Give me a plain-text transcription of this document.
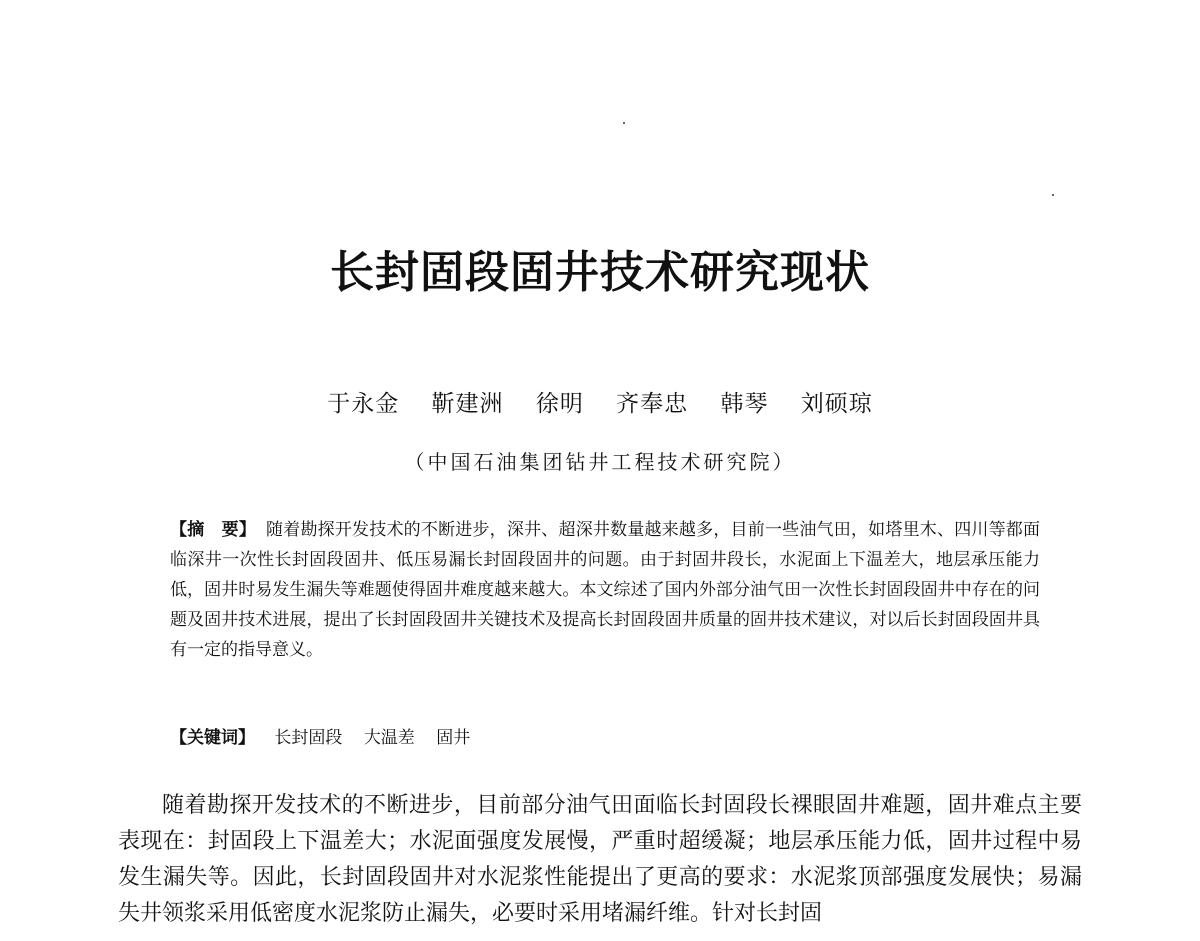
长封固段固井技术研究现状
于永金 靳建洲 徐明 齐奉忠 韩琴 刘硕琼
（中国石油集团钻井工程技术研究院）
【摘　要】 随着勘探开发技术的不断进步，深井、超深井数量越来越多，目前一些油气田，如塔里木、四川等都面临深井一次性长封固段固井、低压易漏长封固段固井的问题。由于封固井段长，水泥面上下温差大，地层承压能力低，固井时易发生漏失等难题使得固井难度越来越大。本文综述了国内外部分油气田一次性长封固段固井中存在的问题及固井技术进展，提出了长封固段固井关键技术及提高长封固段固井质量的固井技术建议，对以后长封固段固井具有一定的指导意义。
【关键词】 长封固段 大温差 固井
随着勘探开发技术的不断进步，目前部分油气田面临长封固段长裸眼固井难题，固井难点主要表现在：封固段上下温差大；水泥面强度发展慢，严重时超缓凝；地层承压能力低，固井过程中易发生漏失等。因此，长封固段固井对水泥浆性能提出了更高的要求：水泥浆顶部强度发展快；易漏失井领浆采用低密度水泥浆防止漏失，必要时采用堵漏纤维。针对长封固
